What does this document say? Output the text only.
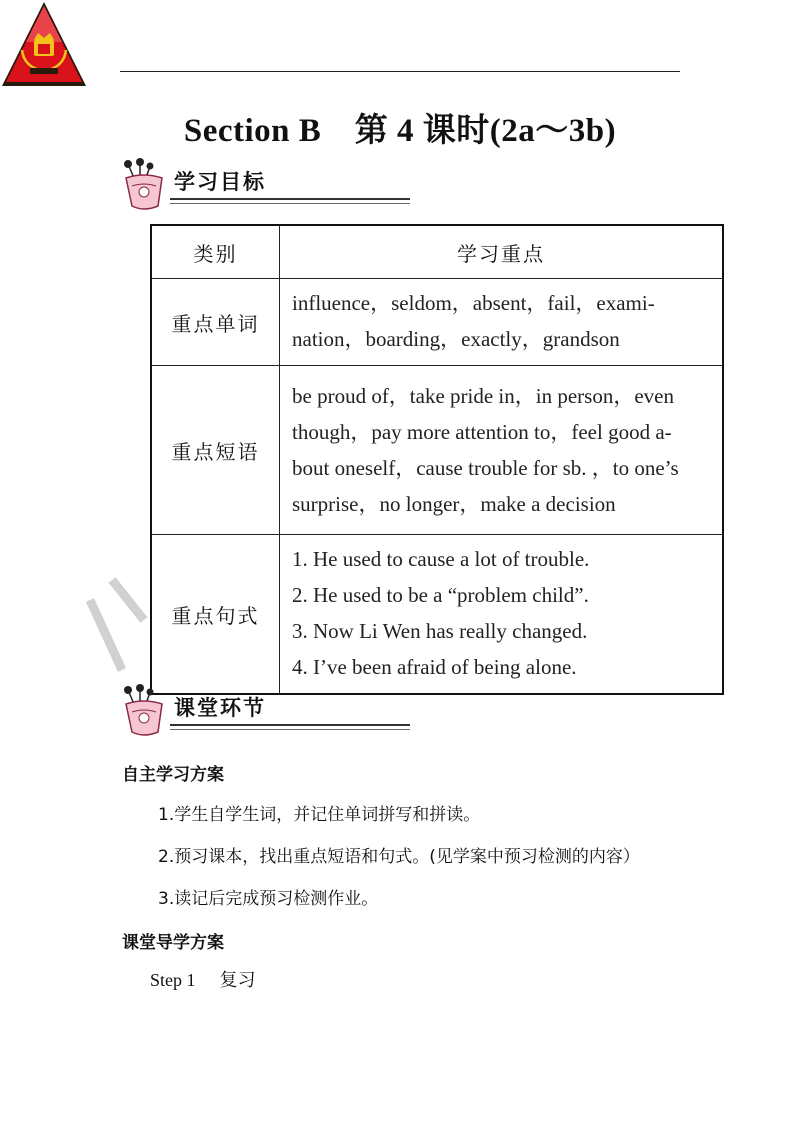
Section B　第 4 课时(2a～3b)
学习目标
类别	学习重点
重点单词	influence，seldom，absent，fail，exami-
nation，boarding，exactly，grandson

重点短语	be proud of，take pride in，in person，even
though，pay more attention to，feel good a-
bout oneself，cause trouble for sb. ，to one’s
surprise，no longer，make a decision

重点句式	1. He used to cause a lot of trouble.
2. He used to be a “problem child”.
3. Now Li Wen has really changed.
4. I’ve been afraid of being alone.
课堂环节
自主学习方案
1.学生自学生词，并记住单词拼写和拼读。
2.预习课本，找出重点短语和句式。(见学案中预习检测的内容）
3.读记后完成预习检测作业。
课堂导学方案
Step 1 复习
